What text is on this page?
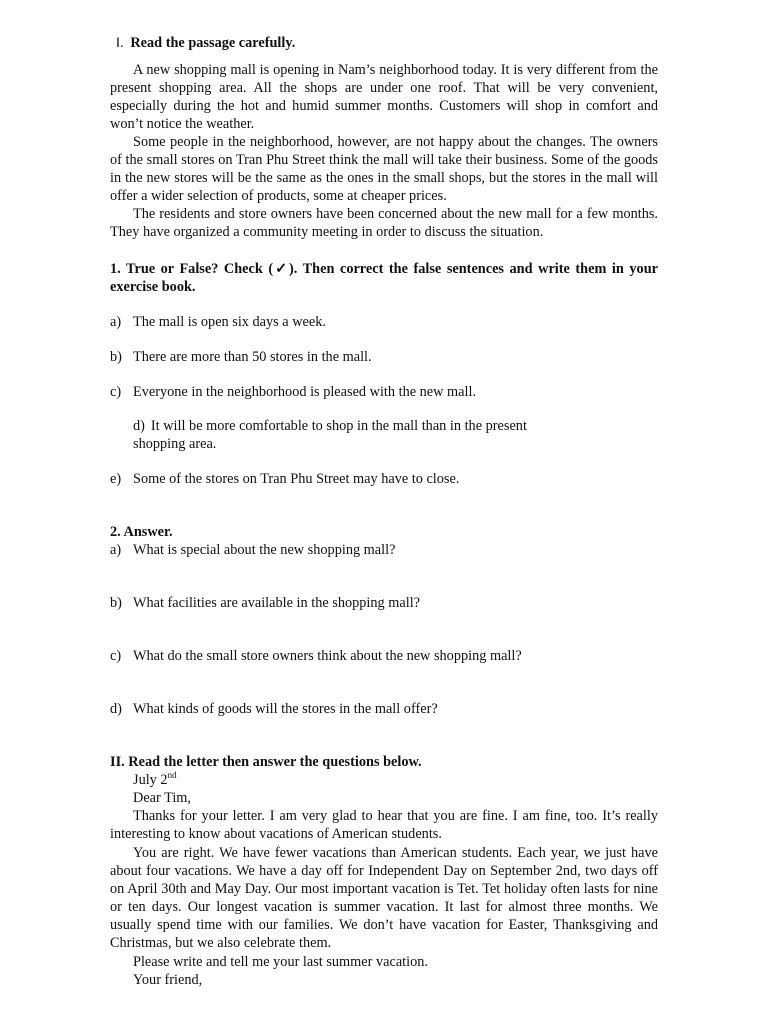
I. Read the passage carefully.

A new shopping mall is opening in Nam’s neighborhood today. It is very different from the present shopping area. All the shops are under one roof. That will be very convenient, especially during the hot and humid summer months. Customers will shop in comfort and won’t notice the weather.

Some people in the neighborhood, however, are not happy about the changes. The owners of the small stores on Tran Phu Street think the mall will take their business. Some of the goods in the new stores will be the same as the ones in the small shops, but the stores in the mall will offer a wider selection of products, some at cheaper prices.

The residents and store owners have been concerned about the new mall for a few months. They have organized a community meeting in order to discuss the situation.

1. True or False? Check (✓). Then correct the false sentences and write them in your exercise book.

a) The mall is open six days a week.
b) There are more than 50 stores in the mall.
c) Everyone in the neighborhood is pleased with the new mall.
d) It will be more comfortable to shop in the mall than in the present shopping area.
e) Some of the stores on Tran Phu Street may have to close.
2. Answer.
a) What is special about the new shopping mall?
b) What facilities are available in the shopping mall?
c) What do the small store owners think about the new shopping mall?
d) What kinds of goods will the stores in the mall offer?
II. Read the letter then answer the questions below.
July 2nd
Dear Tim,

Thanks for your letter. I am very glad to hear that you are fine. I am fine, too. It’s really interesting to know about vacations of American students.

You are right. We have fewer vacations than American students. Each year, we just have about four vacations. We have a day off for Independent Day on September 2nd, two days off on April 30th and May Day. Our most important vacation is Tet. Tet holiday often lasts for nine or ten days. Our longest vacation is summer vacation. It last for almost three months. We usually spend time with our families. We don’t have vacation for Easter, Thanksgiving and Christmas, but we also celebrate them.

Please write and tell me your last summer vacation.

Your friend,
